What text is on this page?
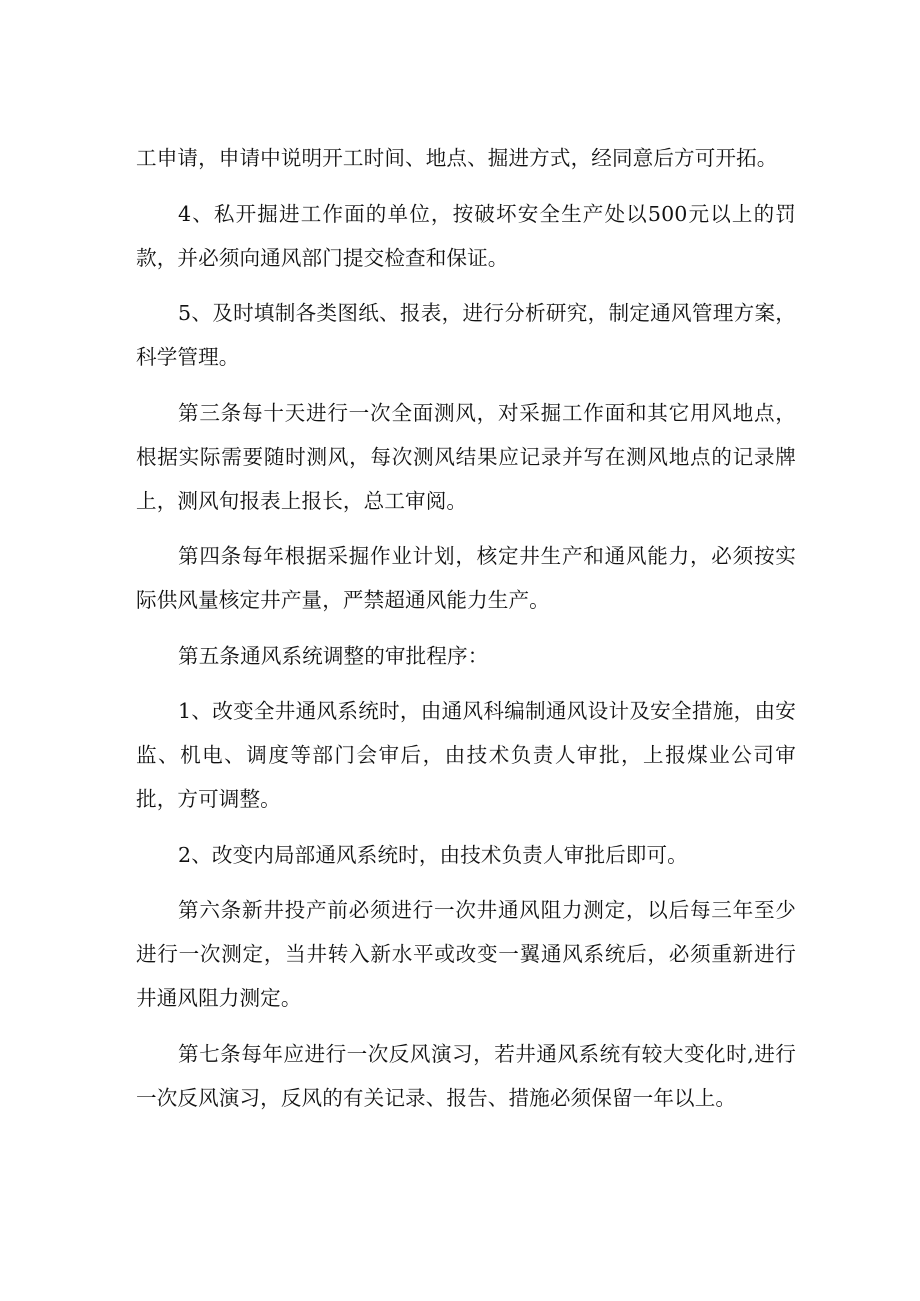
工申请，申请中说明开工时间、地点、掘进方式，经同意后方可开拓。

4、私开掘进工作面的单位，按破坏安全生产处以500元以上的罚款，并必须向通风部门提交检查和保证。

5、及时填制各类图纸、报表，进行分析研究，制定通风管理方案，科学管理。

第三条每十天进行一次全面测风，对采掘工作面和其它用风地点，根据实际需要随时测风，每次测风结果应记录并写在测风地点的记录牌上，测风旬报表上报长，总工审阅。

第四条每年根据采掘作业计划，核定井生产和通风能力，必须按实际供风量核定井产量，严禁超通风能力生产。

第五条通风系统调整的审批程序：

1、改变全井通风系统时，由通风科编制通风设计及安全措施，由安监、机电、调度等部门会审后，由技术负责人审批，上报煤业公司审批，方可调整。

2、改变内局部通风系统时，由技术负责人审批后即可。

第六条新井投产前必须进行一次井通风阻力测定，以后每三年至少进行一次测定，当井转入新水平或改变一翼通风系统后，必须重新进行井通风阻力测定。

第七条每年应进行一次反风演习，若井通风系统有较大变化时,进行一次反风演习，反风的有关记录、报告、措施必须保留一年以上。
